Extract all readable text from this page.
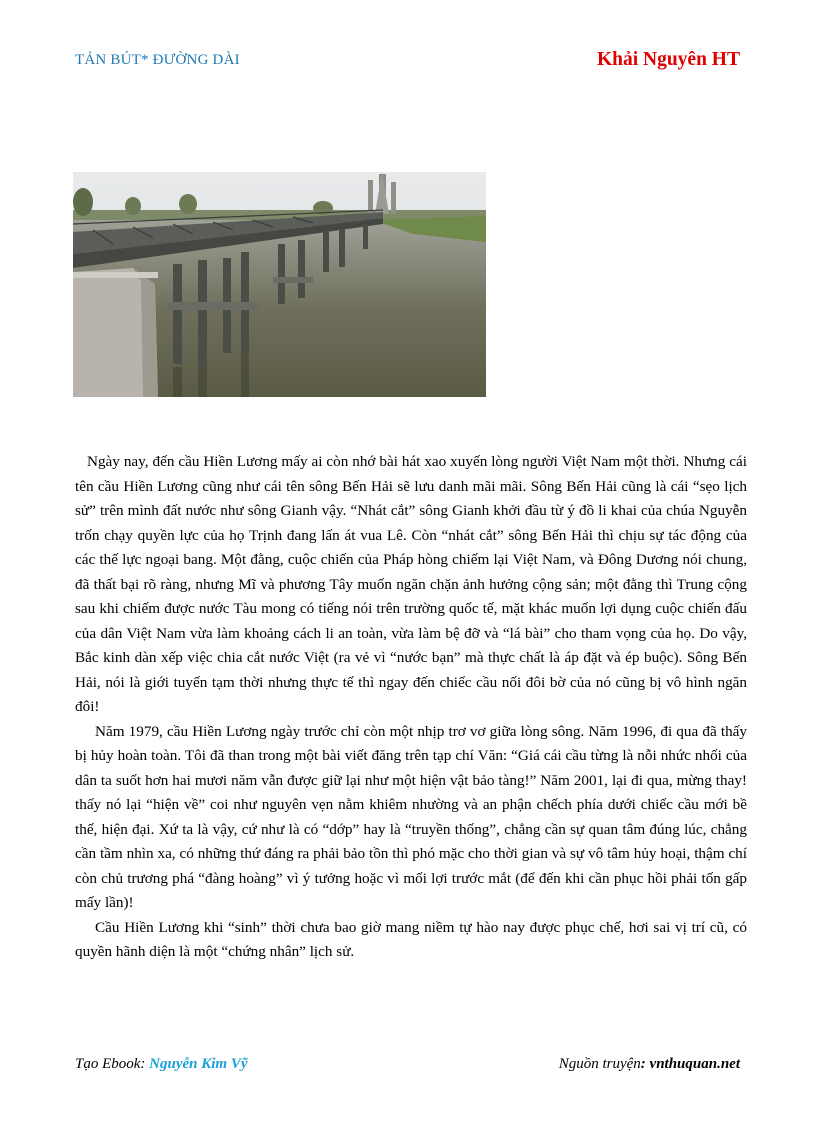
TẢN BÚT* ĐƯỜNG DÀI	Khải Nguyên HT

Ngày nay, đến cầu Hiền Lương mấy ai còn nhớ bài hát xao xuyến lòng người Việt Nam một thời. Nhưng cái tên cầu Hiền Lương cũng như cái tên sông Bến Hải sẽ lưu danh mãi mãi. Sông Bến Hải cũng là cái “sẹo lịch sử” trên mình đất nước như sông Gianh vậy. “Nhát cắt” sông Gianh khởi đầu từ ý đồ li khai của chúa Nguyễn trốn chạy quyền lực của họ Trịnh đang lấn át vua Lê. Còn “nhát cắt” sông Bến Hải thì chịu sự tác động của các thế lực ngoại bang. Một đằng, cuộc chiến của Pháp hòng chiếm lại Việt Nam, và Đông Dương nói chung, đã thất bại rõ ràng, nhưng Mĩ và phương Tây muốn ngăn chặn ảnh hưởng cộng sản; một đằng thì Trung cộng sau khi chiếm được nước Tàu mong có tiếng nói trên trường quốc tế, mặt khác muốn lợi dụng cuộc chiến đấu của dân Việt Nam vừa làm khoảng cách li an toàn, vừa làm bệ đỡ và “lá bài” cho tham vọng của họ. Do vậy, Bắc kinh dàn xếp việc chia cắt nước Việt (ra vẻ vì “nước bạn” mà thực chất là áp đặt và ép buộc). Sông Bến Hải, nói là giới tuyến tạm thời nhưng thực tế thì ngay đến chiếc cầu nối đôi bờ của nó cũng bị vô hình ngăn đôi!

Năm 1979, cầu Hiền Lương ngày trước chỉ còn một nhịp trơ vơ giữa lòng sông. Năm 1996, đi qua đã thấy bị hủy hoàn toàn. Tôi đã than trong một bài viết đăng trên tạp chí Văn: “Giá cái cầu từng là nỗi nhức nhối của dân ta suốt hơn hai mươi năm vẫn được giữ lại như một hiện vật bảo tàng!” Năm 2001, lại đi qua, mừng thay! thấy nó lại “hiện về” coi như nguyên vẹn nằm khiêm nhường và an phận chếch phía dưới chiếc cầu mới bề thế, hiện đại. Xứ ta là vậy, cứ như là có “dớp” hay là “truyền thống”, chẳng cần sự quan tâm đúng lúc, chẳng cần tầm nhìn xa, có những thứ đáng ra phải bảo tồn thì phó mặc cho thời gian và sự vô tâm hủy hoại, thậm chí còn chủ trương phá “đàng hoàng” vì ý tưởng hoặc vì mối lợi trước mắt (để đến khi cần phục hồi phải tốn gấp mấy lần)!

Cầu Hiền Lương khi “sinh” thời chưa bao giờ mang niềm tự hào nay được phục chế, hơi sai vị trí cũ, có quyền hãnh diện là một “chứng nhân” lịch sử.

Tạo Ebook: Nguyễn Kim Vỹ	Nguồn truyện: vnthuquan.net
